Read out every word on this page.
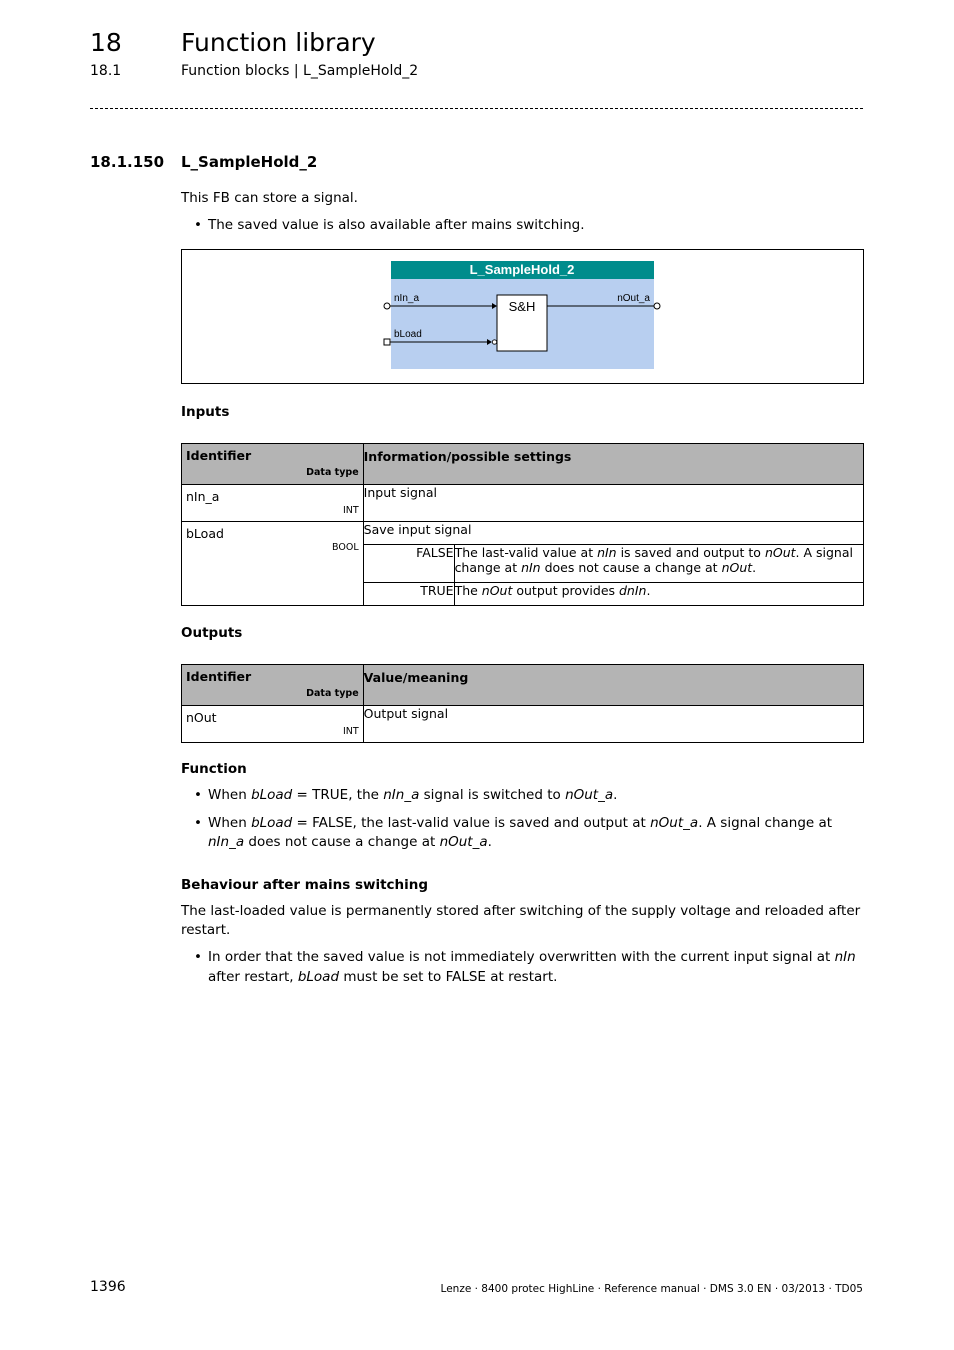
18 Function library
18.1	Function blocks | L_SampleHold_2
18.1.150 L_SampleHold_2
This FB can store a signal.
• The saved value is also available after mains switching.
L_SampleHold_2
S&H
nIn_a
bLoad
nOut_a
Inputs
Identifier
Data type	Information/possible settings	

nIn_a
INT	Input signal	

bLoad
BOOL	Save input signal	
	FALSE	The last-valid value at nIn is saved and output to nOut. A signal change at nIn does not cause a change at nOut.
	TRUE	The nOut output provides dnIn.
Outputs
Identifier
Data type	Value/meaning

nOut
INT	Output signal
Function
• When bLoad = TRUE, the nIn_a signal is switched to nOut_a.
• When bLoad = FALSE, the last-valid value is saved and output at nOut_a. A signal change at
nIn_a does not cause a change at nOut_a.
Behaviour after mains switching
The last-loaded value is permanently stored after switching of the supply voltage and reloaded after
restart.
• In order that the saved value is not immediately overwritten with the current input signal at nIn
after restart, bLoad must be set to FALSE at restart.
1396	Lenze · 8400 protec HighLine · Reference manual · DMS 3.0 EN · 03/2013 · TD05
